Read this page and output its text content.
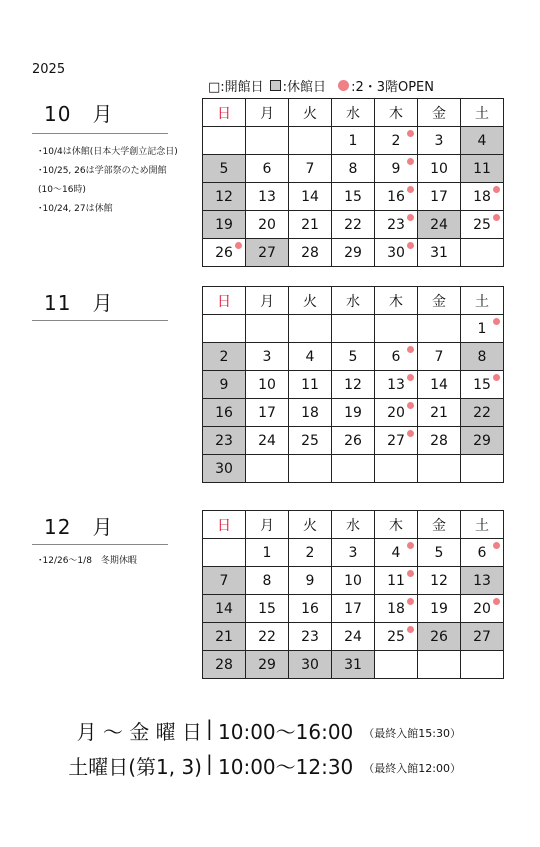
2025
□:開館日 :休館日 :2・3階OPEN
10　月
･10/4は休館(日本大学創立記念日)
･10/25, 26は学部祭のため開館
(10～16時)
･10/24, 27は休館
日	月	火	水	木	金	土
			1	2	3	4
5	6	7	8	9	10	11
12	13	14	15	16	17	18

19	20	21	22	23	24	25

26	27	28	29	30	31	
11　月	日	月	火	水	木	金	土
						1

2	3	4	5	6	7	8
9	10	11	12	13	14	15

16	17	18	19	20	21	22
23	24	25	26	27	28	29
30						
12　月
･12/26～1/8　冬期休暇
日	月	火	水	木	金	土
	1	2	3	4	5	6

7	8	9	10	11	12	13
14	15	16	17	18	19	20

21	22	23	24	25	26	27
28	29	30	31			
月 ～ 金 曜 日 | 10:00～16:00 （最終入館15:30）
土曜日(第1, 3) | 10:00～12:30 （最終入館12:00）
